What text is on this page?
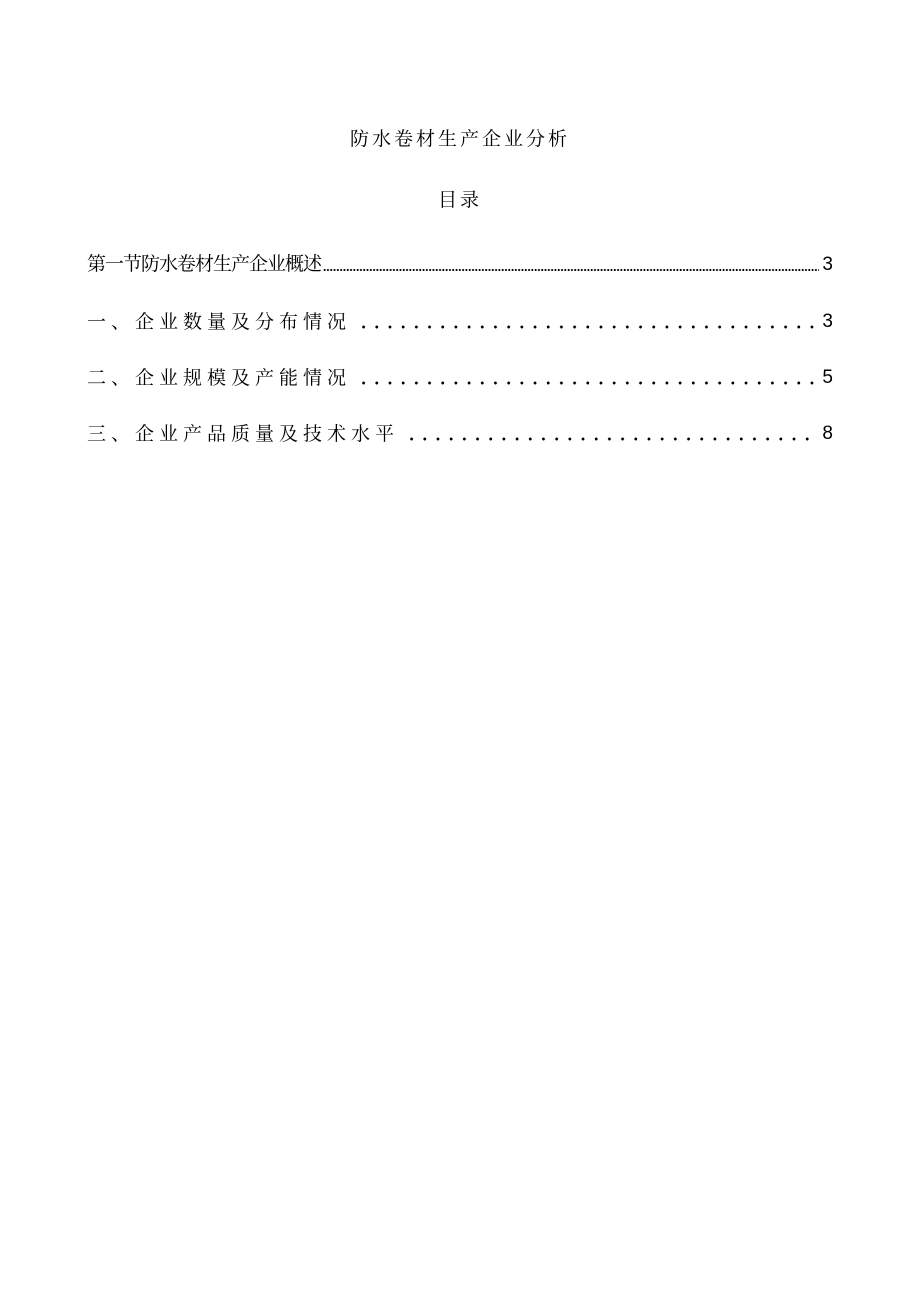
防水卷材生产企业分析
目录
第一节防水卷材生产企业概述	3
一、企业数量及分布情况	3
二、企业规模及产能情况	5
三、企业产品质量及技术水平	8
